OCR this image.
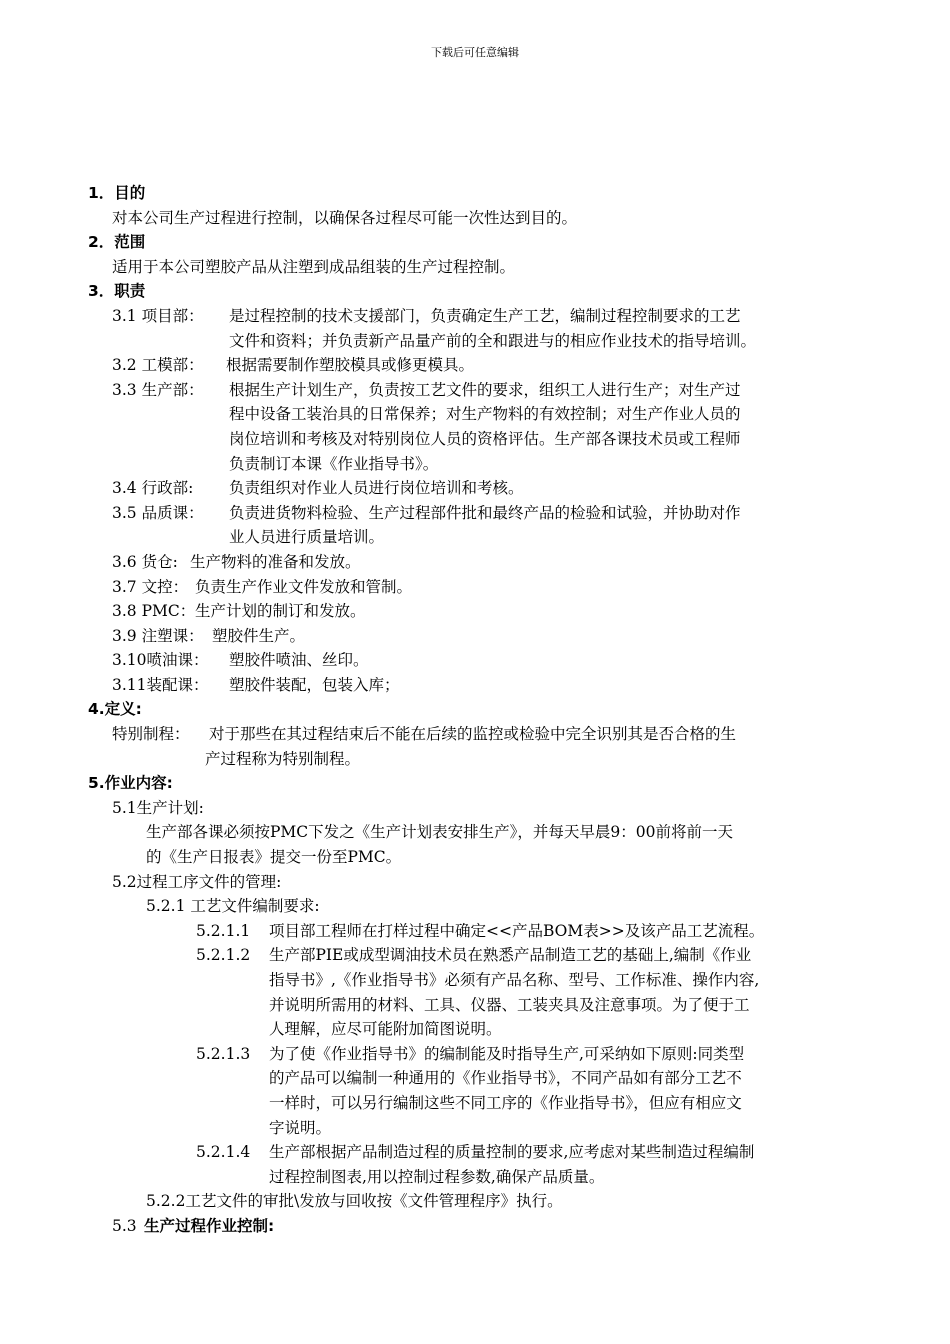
下载后可任意编辑
1．目的
对本公司生产过程进行控制，以确保各过程尽可能一次性达到目的。
2．范围
适用于本公司塑胶产品从注塑到成品组装的生产过程控制。
3．职责
3.1 项目部： 是过程控制的技术支援部门，负责确定生产工艺，编制过程控制要求的工艺
文件和资料；并负责新产品量产前的全和跟进与的相应作业技术的指导培训。
3.2 工模部： 根据需要制作塑胶模具或修更模具。
3.3 生产部： 根据生产计划生产，负责按工艺文件的要求，组织工人进行生产；对生产过
程中设备工装治具的日常保养；对生产物料的有效控制；对生产作业人员的
岗位培训和考核及对特别岗位人员的资格评估。生产部各课技术员或工程师
负责制订本课《作业指导书》。
3.4 行政部: 负责组织对作业人员进行岗位培训和考核。
3.5 品质课： 负责进货物料检验、生产过程部件批和最终产品的检验和试验，并协助对作
业人员进行质量培训。
3.6 货仓: 生产物料的准备和发放。
3.7 文控： 负责生产作业文件发放和管制。
3.8 PMC： 生产计划的制订和发放。
3.9 注塑课： 塑胶件生产。
3.10喷油课： 塑胶件喷油、丝印。
3.11装配课： 塑胶件装配，包装入库；
4.定义:
特别制程： 对于那些在其过程结束后不能在后续的监控或检验中完全识别其是否合格的生
产过程称为特别制程。
5.作业内容:
5.1生产计划:
生产部各课必须按PMC下发之《生产计划表安排生产》，并每天早晨9：00前将前一天
的《生产日报表》提交一份至PMC。
5.2过程工序文件的管理:
5.2.1 工艺文件编制要求:
5.2.1.1 项目部工程师在打样过程中确定<<产品BOM表>>及该产品工艺流程。
5.2.1.2 生产部PIE或成型调油技术员在熟悉产品制造工艺的基础上,编制《作业
指导书》,《作业指导书》必须有产品名称、型号、工作标准、操作内容,
并说明所需用的材料、工具、仪器、工装夹具及注意事项。为了便于工
人理解，应尽可能附加简图说明。
5.2.1.3 为了使《作业指导书》的编制能及时指导生产,可采纳如下原则:同类型
的产品可以编制一种通用的《作业指导书》，不同产品如有部分工艺不
一样时，可以另行编制这些不同工序的《作业指导书》，但应有相应文
字说明。
5.2.1.4 生产部根据产品制造过程的质量控制的要求,应考虑对某些制造过程编制
过程控制图表,用以控制过程参数,确保产品质量。
5.2.2工艺文件的审批\发放与回收按《文件管理程序》执行。
5.3 生产过程作业控制:
